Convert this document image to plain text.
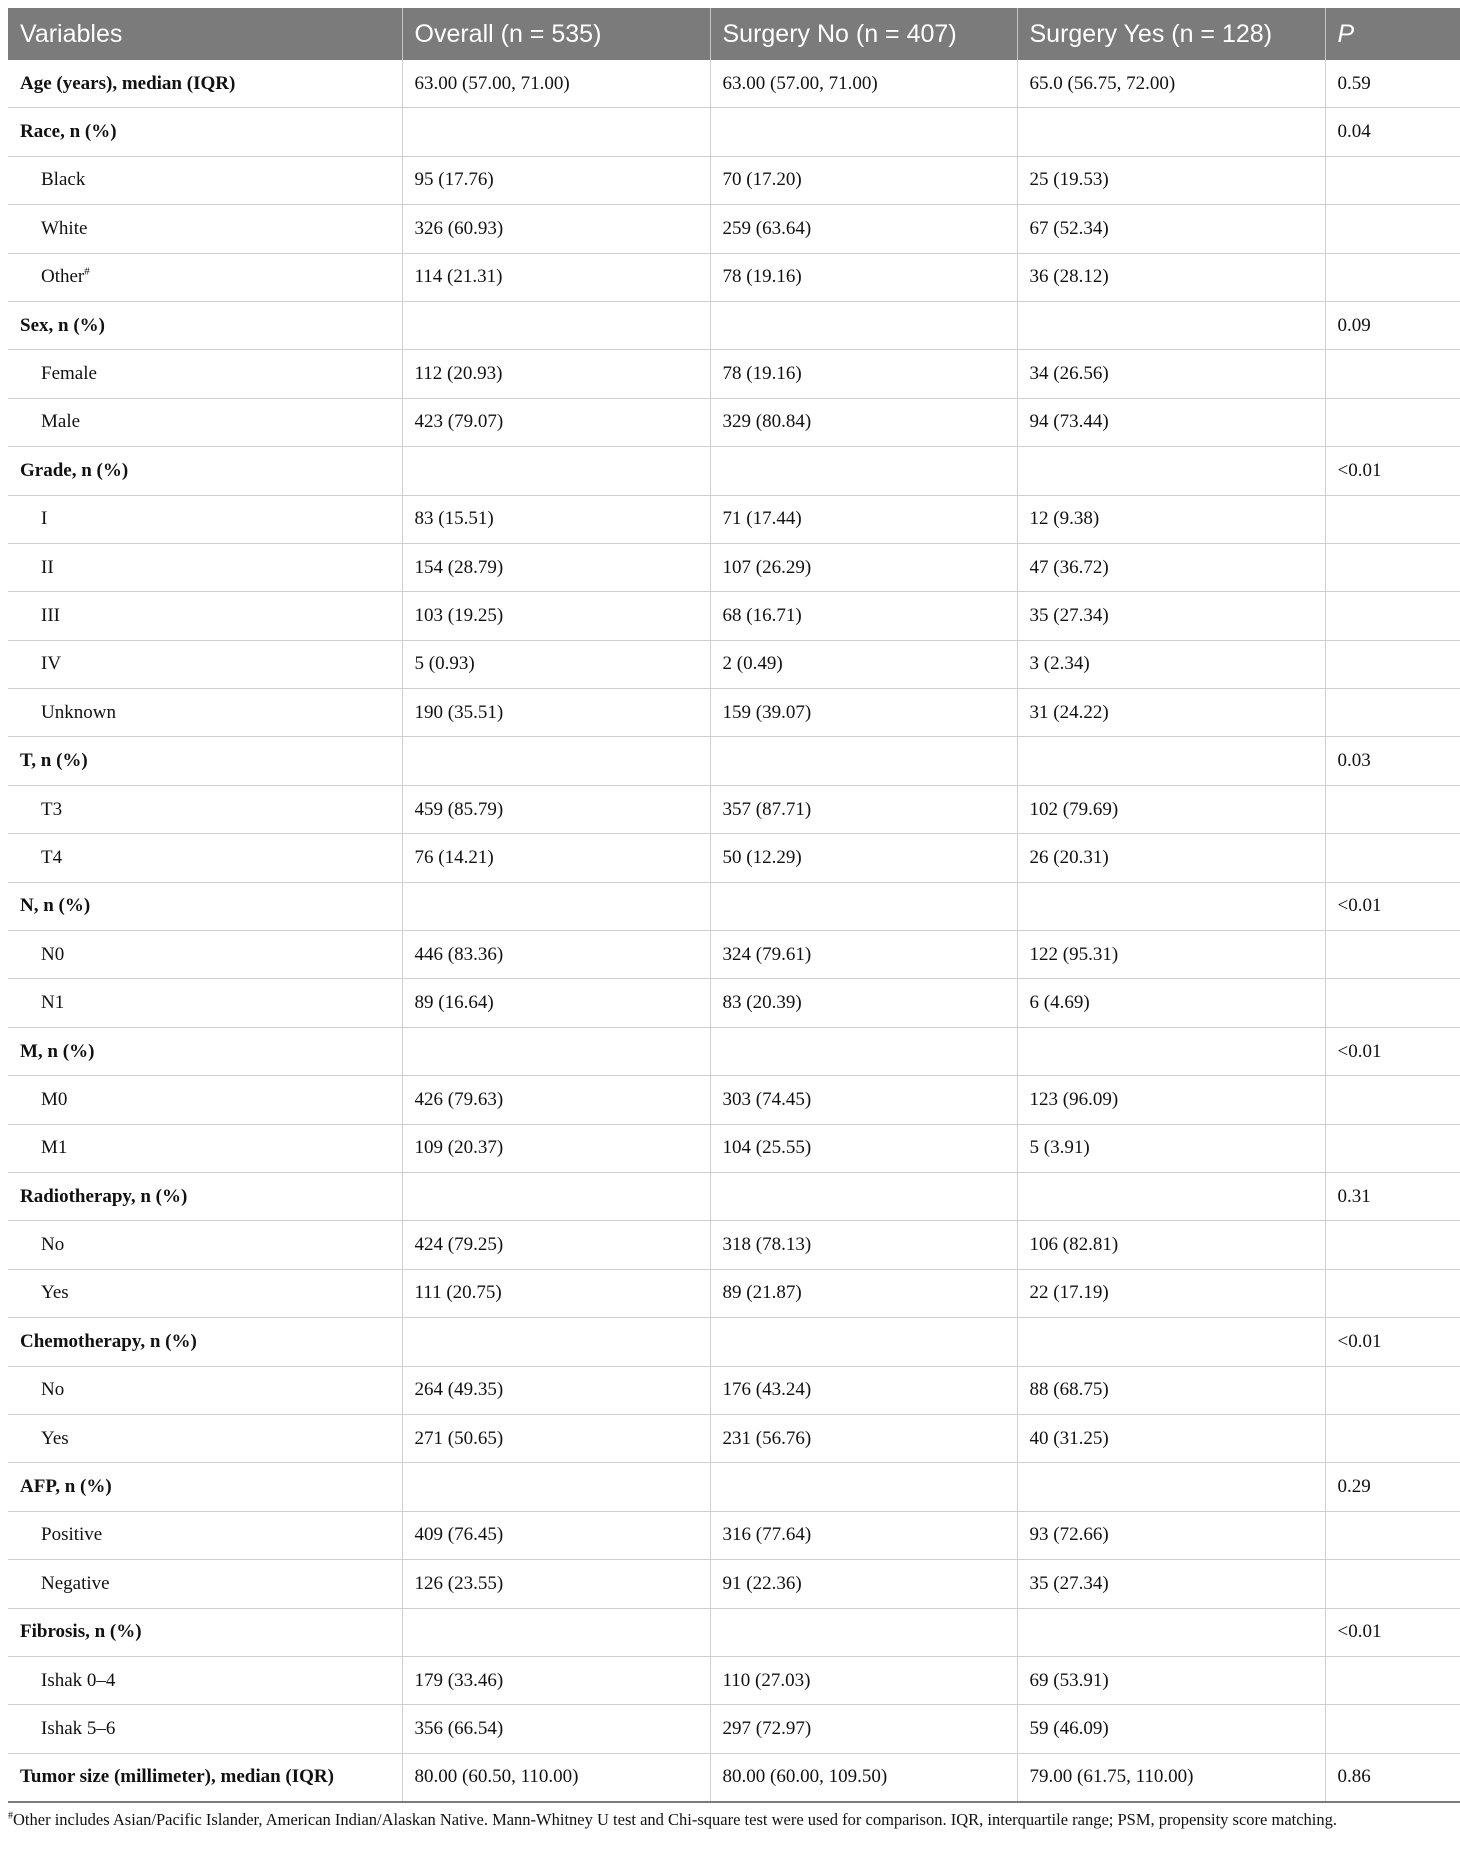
Variables	Overall (n = 535)	Surgery No (n = 407)	Surgery Yes (n = 128)	P
Age (years), median (IQR)	63.00 (57.00, 71.00)	63.00 (57.00, 71.00)	65.0 (56.75, 72.00)	0.59
Race, n (%)				0.04
Black	95 (17.76)	70 (17.20)	25 (19.53)	
White	326 (60.93)	259 (63.64)	67 (52.34)	
Other#	114 (21.31)	78 (19.16)	36 (28.12)	
Sex, n (%)				0.09
Female	112 (20.93)	78 (19.16)	34 (26.56)	
Male	423 (79.07)	329 (80.84)	94 (73.44)	
Grade, n (%)				<0.01
I	83 (15.51)	71 (17.44)	12 (9.38)	
II	154 (28.79)	107 (26.29)	47 (36.72)	
III	103 (19.25)	68 (16.71)	35 (27.34)	
IV	5 (0.93)	2 (0.49)	3 (2.34)	
Unknown	190 (35.51)	159 (39.07)	31 (24.22)	
T, n (%)				0.03
T3	459 (85.79)	357 (87.71)	102 (79.69)	
T4	76 (14.21)	50 (12.29)	26 (20.31)	
N, n (%)				<0.01
N0	446 (83.36)	324 (79.61)	122 (95.31)	
N1	89 (16.64)	83 (20.39)	6 (4.69)	
M, n (%)				<0.01
M0	426 (79.63)	303 (74.45)	123 (96.09)	
M1	109 (20.37)	104 (25.55)	5 (3.91)	
Radiotherapy, n (%)				0.31
No	424 (79.25)	318 (78.13)	106 (82.81)	
Yes	111 (20.75)	89 (21.87)	22 (17.19)	
Chemotherapy, n (%)				<0.01
No	264 (49.35)	176 (43.24)	88 (68.75)	
Yes	271 (50.65)	231 (56.76)	40 (31.25)	
AFP, n (%)				0.29
Positive	409 (76.45)	316 (77.64)	93 (72.66)	
Negative	126 (23.55)	91 (22.36)	35 (27.34)	
Fibrosis, n (%)				<0.01
Ishak 0–4	179 (33.46)	110 (27.03)	69 (53.91)	
Ishak 5–6	356 (66.54)	297 (72.97)	59 (46.09)	
Tumor size (millimeter), median (IQR)	80.00 (60.50, 110.00)	80.00 (60.00, 109.50)	79.00 (61.75, 110.00)	0.86
#Other includes Asian/Pacific Islander, American Indian/Alaskan Native. Mann-Whitney U test and Chi-square test were used for comparison. IQR, interquartile range; PSM, propensity score matching.
